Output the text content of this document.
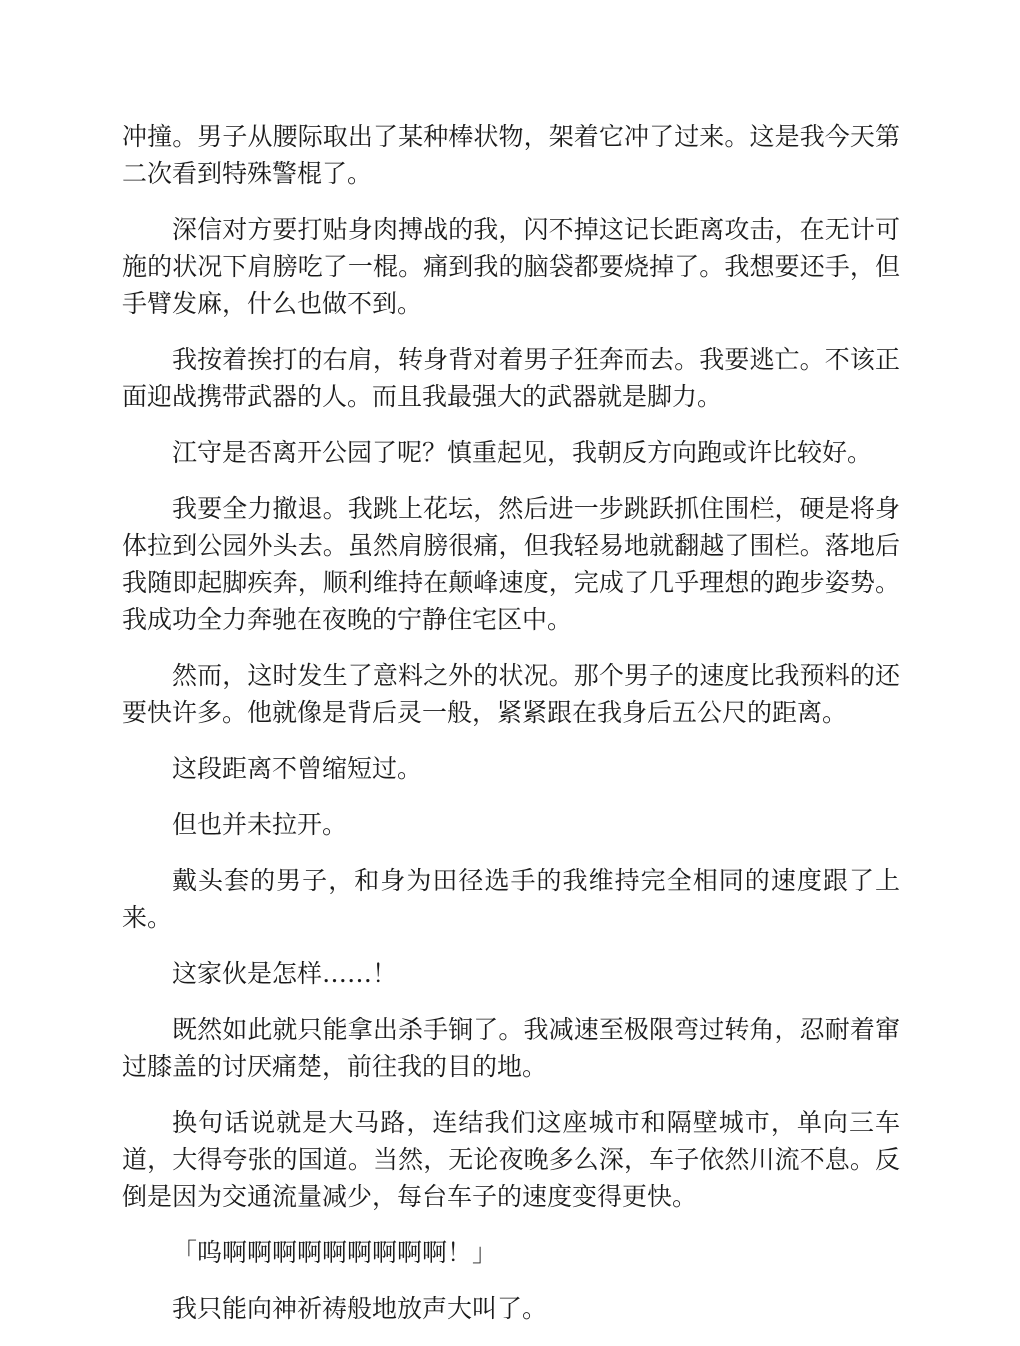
冲撞。男子从腰际取出了某种棒状物，架着它冲了过来。这是我今天第二次看到特殊警棍了。

深信对方要打贴身肉搏战的我，闪不掉这记长距离攻击，在无计可施的状况下肩膀吃了一棍。痛到我的脑袋都要烧掉了。我想要还手，但手臂发麻，什么也做不到。

我按着挨打的右肩，转身背对着男子狂奔而去。我要逃亡。不该正面迎战携带武器的人。而且我最强大的武器就是脚力。

江守是否离开公园了呢？慎重起见，我朝反方向跑或许比较好。

我要全力撤退。我跳上花坛，然后进一步跳跃抓住围栏，硬是将身体拉到公园外头去。虽然肩膀很痛，但我轻易地就翻越了围栏。落地后我随即起脚疾奔，顺利维持在颠峰速度，完成了几乎理想的跑步姿势。我成功全力奔驰在夜晚的宁静住宅区中。

然而，这时发生了意料之外的状况。那个男子的速度比我预料的还要快许多。他就像是背后灵一般，紧紧跟在我身后五公尺的距离。

这段距离不曾缩短过。

但也并未拉开。

戴头套的男子，和身为田径选手的我维持完全相同的速度跟了上来。

这家伙是怎样……！

既然如此就只能拿出杀手锏了。我减速至极限弯过转角，忍耐着窜过膝盖的讨厌痛楚，前往我的目的地。

换句话说就是大马路，连结我们这座城市和隔壁城市，单向三车道，大得夸张的国道。当然，无论夜晚多么深，车子依然川流不息。反倒是因为交通流量减少，每台车子的速度变得更快。

「呜啊啊啊啊啊啊啊啊啊！」

我只能向神祈祷般地放声大叫了。
